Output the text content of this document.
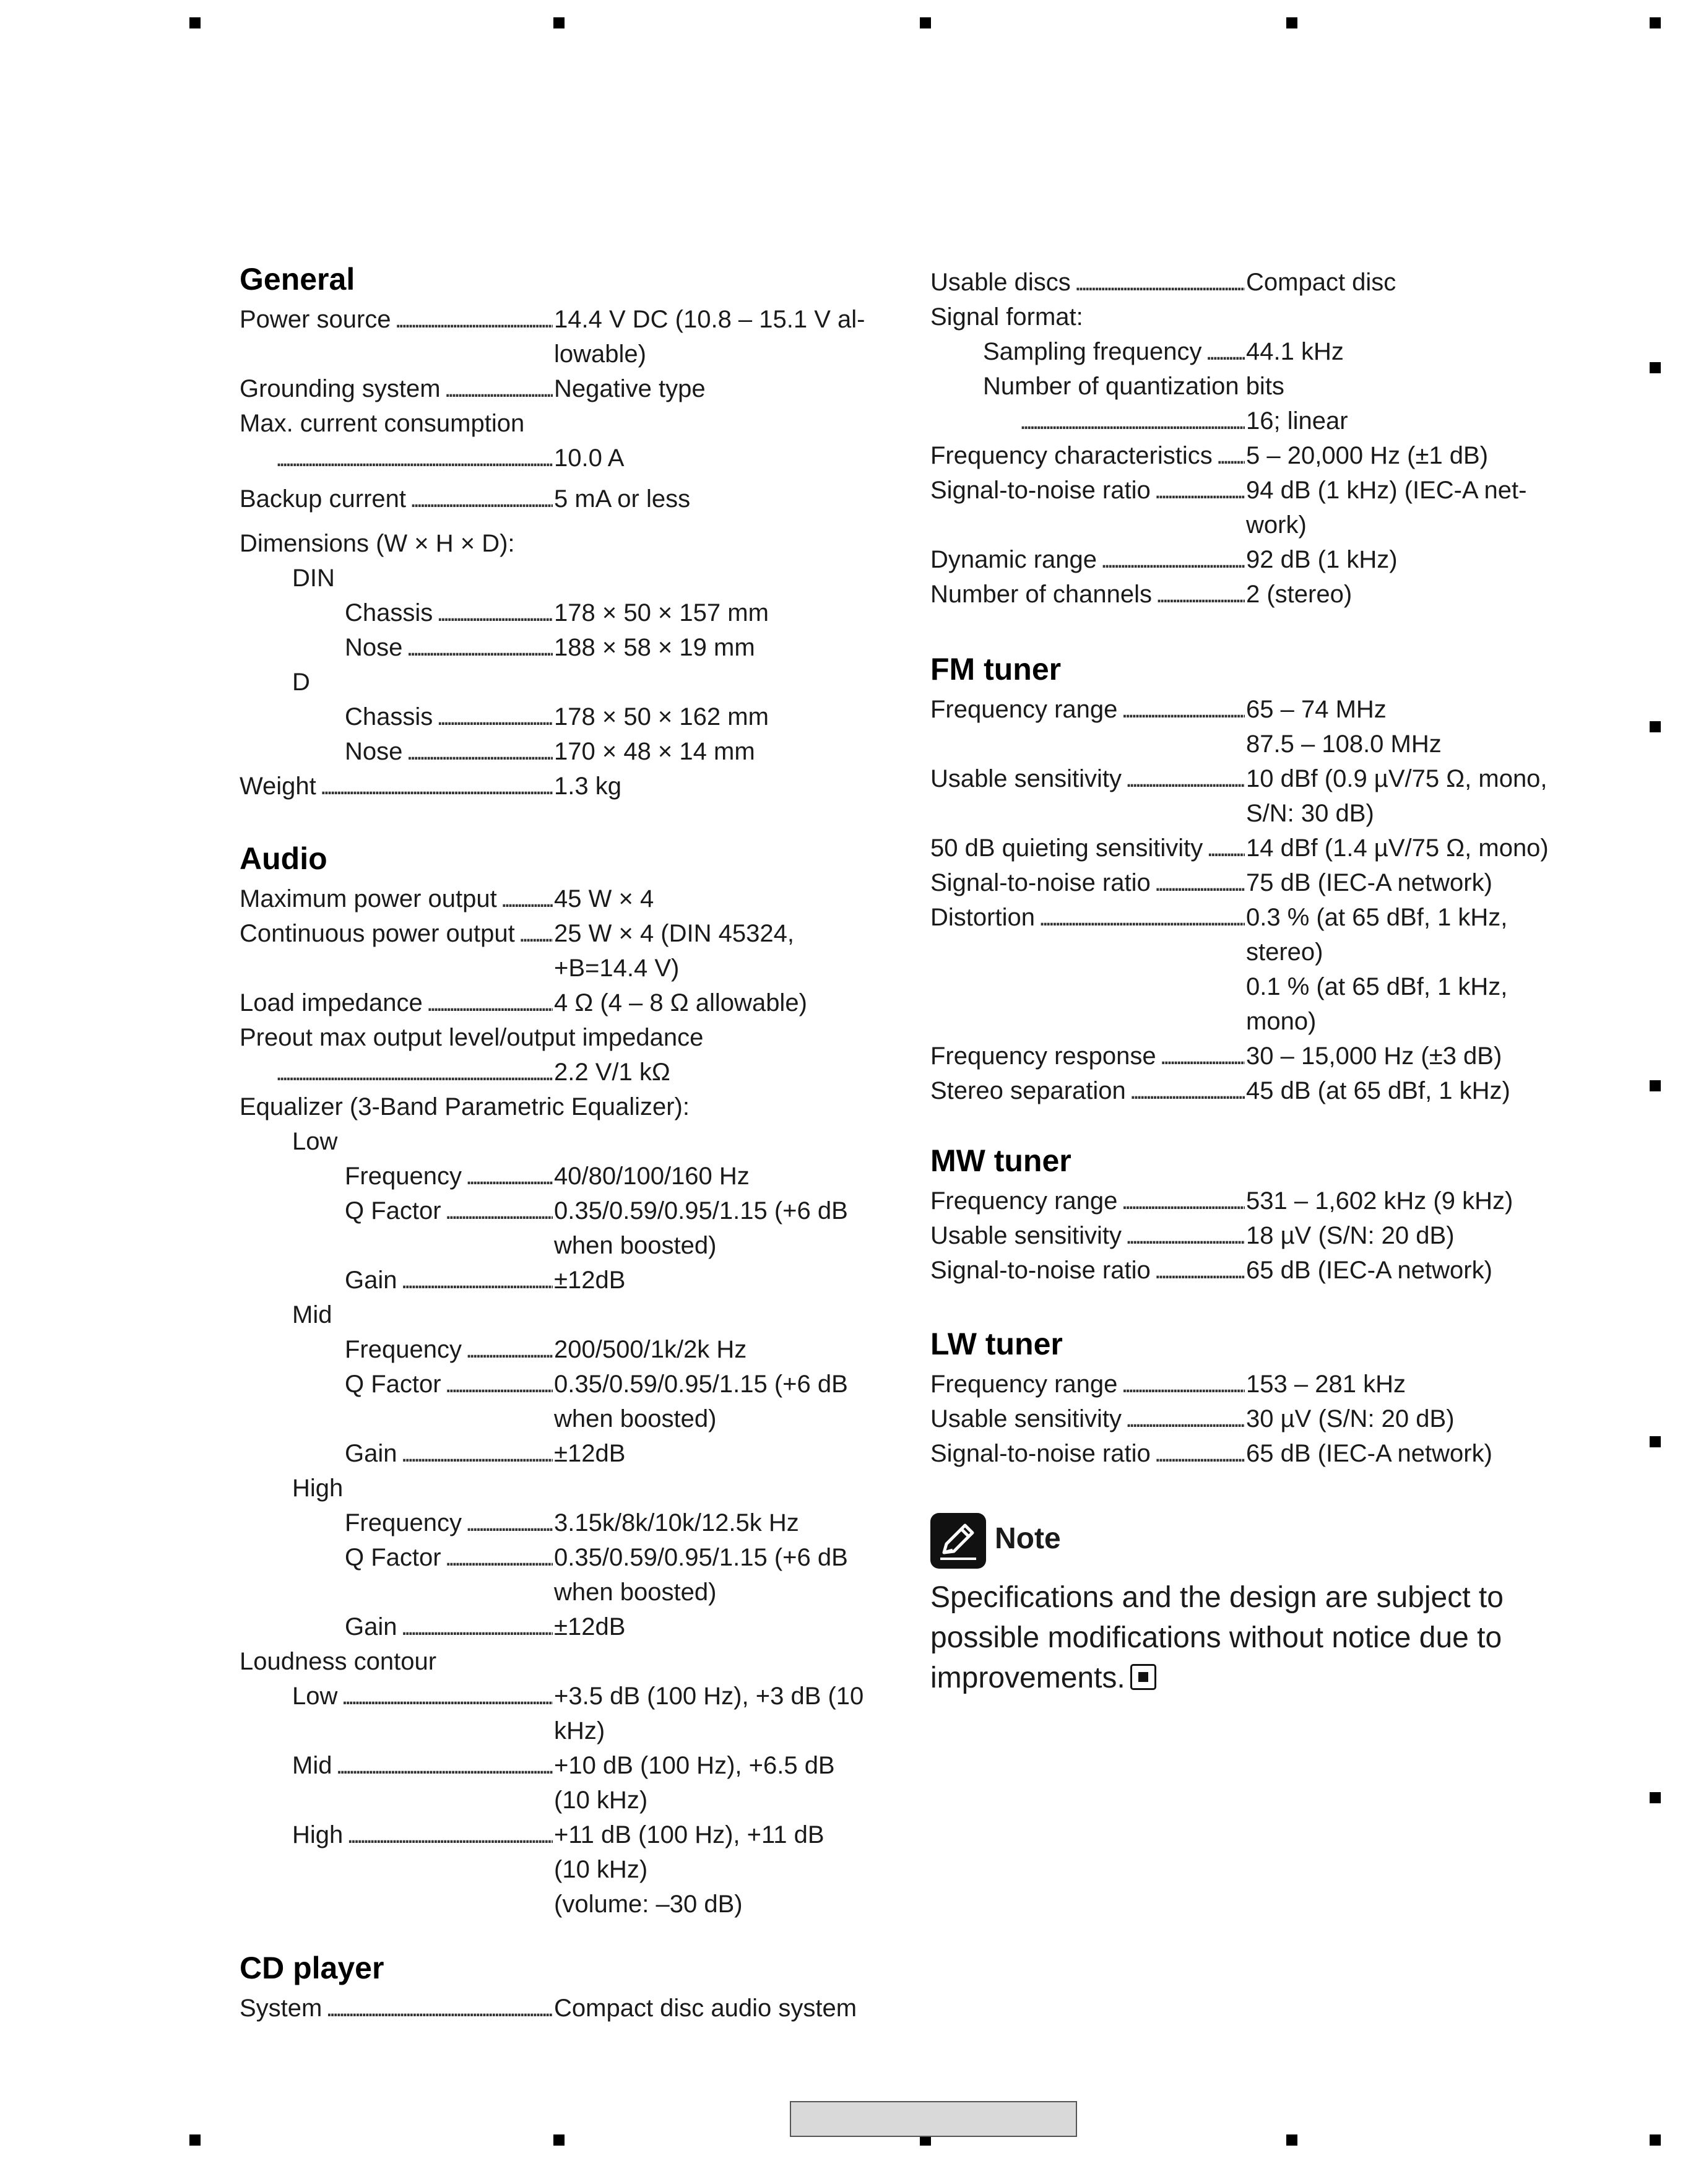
General
Power source .....	14.4 V DC (10.8 – 15.1 V al-
lowable)
Grounding system .....	Negative type
Max. current consumption
.....
10.0 A
Backup current .....	5 mA or less
Dimensions (W × H × D):
DIN
Chassis .....	178 × 50 × 157 mm
Nose .....	188 × 58 × 19 mm
D
Chassis .....	178 × 50 × 162 mm
Nose .....	170 × 48 × 14 mm
Weight .....	1.3 kg
Audio
Maximum power output ..... 45 W × 4
Continuous power output ..... 25 W × 4 (DIN 45324,
+B=14.4 V)
Load impedance .....	4 Ω (4 – 8 Ω allowable)
Preout max output level/output impedance
.....
2.2 V/1 kΩ
Equalizer (3-Band Parametric Equalizer):
Low
Frequency .....	40/80/100/160 Hz
Q Factor .....	0.35/0.59/0.95/1.15 (+6 dB
when boosted)
Gain .....	±12dB
Mid
Frequency .....	200/500/1k/2k Hz
Q Factor .....	0.35/0.59/0.95/1.15 (+6 dB
when boosted)
Gain .....	±12dB
High
Frequency .....	3.15k/8k/10k/12.5k Hz
Q Factor .....	0.35/0.59/0.95/1.15 (+6 dB
when boosted)
Gain .....	±12dB
Loudness contour
Low .....	+3.5 dB (100 Hz), +3 dB (10
kHz)
Mid .....	+10 dB (100 Hz), +6.5 dB
(10 kHz)
High .....	+11 dB (100 Hz), +11 dB
(10 kHz)
(volume: –30 dB)
CD player
System .....	Compact disc audio system
Usable discs .....	Compact disc
Signal format:
Sampling frequency ..... 44.1 kHz
Number of quantization bits
.....
16; linear
Frequency characteristics ..... 5 – 20,000 Hz (±1 dB)
Signal-to-noise ratio .....	94 dB (1 kHz) (IEC-A net-
work)
Dynamic range .....	92 dB (1 kHz)
Number of channels .....	2 (stereo)
FM tuner
Frequency range .....	65 – 74 MHz
87.5 – 108.0 MHz
Usable sensitivity .....	10 dBf (0.9 µV/75 Ω, mono,
S/N: 30 dB)
50 dB quieting sensitivity ..... 14 dBf (1.4 µV/75 Ω, mono)
Signal-to-noise ratio .....	75 dB (IEC-A network)
Distortion .....	0.3 % (at 65 dBf, 1 kHz,
stereo)
0.1 % (at 65 dBf, 1 kHz,
mono)
Frequency response .....	30 – 15,000 Hz (±3 dB)
Stereo separation .....	45 dB (at 65 dBf, 1 kHz)
MW tuner
Frequency range .....	531 – 1,602 kHz (9 kHz)
Usable sensitivity .....	18 µV (S/N: 20 dB)
Signal-to-noise ratio .....	65 dB (IEC-A network)
LW tuner
Frequency range .....	153 – 281 kHz
Usable sensitivity .....	30 µV (S/N: 20 dB)
Signal-to-noise ratio .....	65 dB (IEC-A network)
Note
Specifications and the design are subject to possible modifications without notice due to improvements.
